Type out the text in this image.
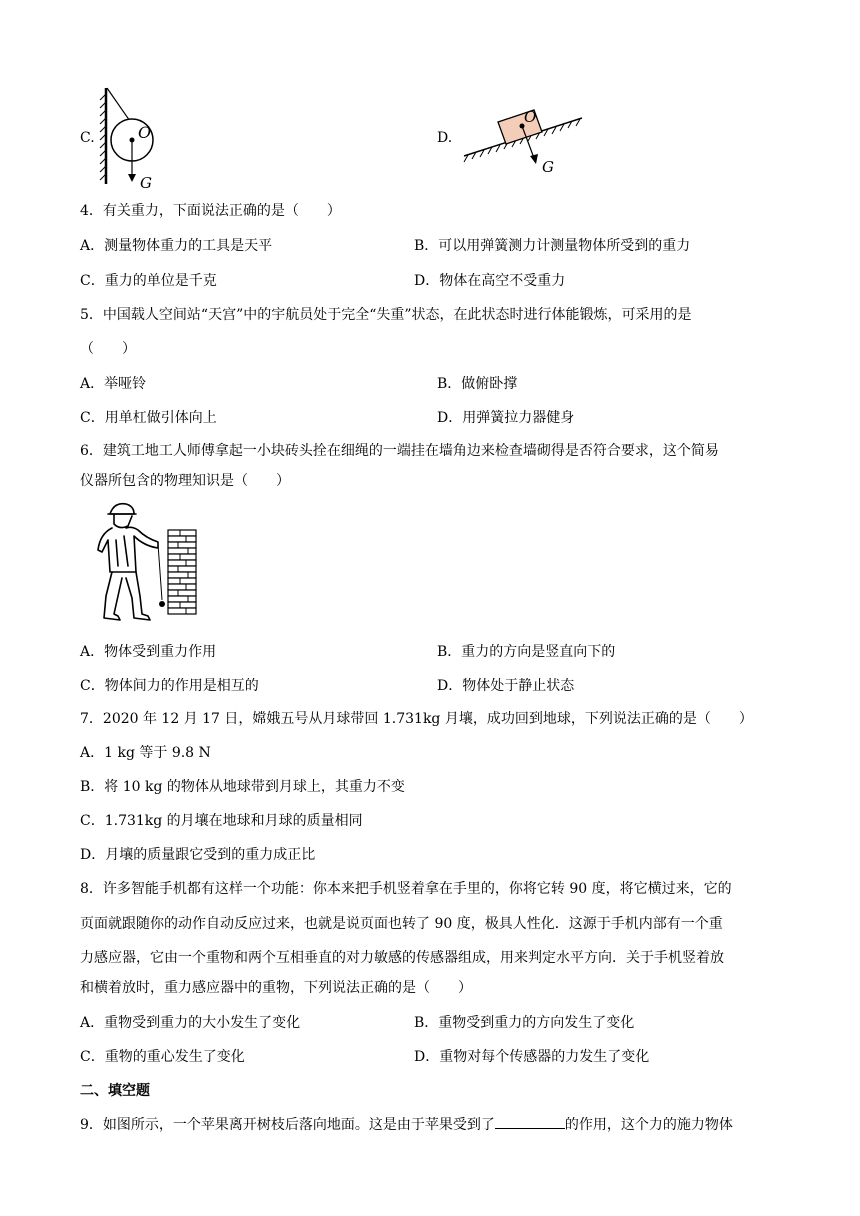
C.	O
G
D.
O
G
4．有关重力，下面说法正确的是（　　）
A．测量物体重力的工具是天平	B．可以用弹簧测力计测量物体所受到的重力
C．重力的单位是千克	D．物体在高空不受重力
5．中国载人空间站“天宫”中的宇航员处于完全“失重”状态，在此状态时进行体能锻炼，可采用的是
（　　）
A．举哑铃	B．做俯卧撑
C．用单杠做引体向上	D．用弹簧拉力器健身
6．建筑工地工人师傅拿起一小块砖头拴在细绳的一端挂在墙角边来检查墙砌得是否符合要求，这个简易
仪器所包含的物理知识是（　　）
A．物体受到重力作用	B．重力的方向是竖直向下的
C．物体间力的作用是相互的	D．物体处于静止状态
7．2020 年 12 月 17 日，嫦娥五号从月球带回 1.731kg 月壤，成功回到地球，下列说法正确的是（　　）
A．1 kg 等于 9.8 N
B．将 10 kg 的物体从地球带到月球上，其重力不变
C．1.731kg 的月壤在地球和月球的质量相同
D．月壤的质量跟它受到的重力成正比
8．许多智能手机都有这样一个功能：你本来把手机竖着拿在手里的，你将它转 90 度，将它横过来，它的
页面就跟随你的动作自动反应过来，也就是说页面也转了 90 度，极具人性化．这源于手机内部有一个重
力感应器，它由一个重物和两个互相垂直的对力敏感的传感器组成，用来判定水平方向．关于手机竖着放
和横着放时，重力感应器中的重物，下列说法正确的是（　　）
A．重物受到重力的大小发生了变化	B．重物受到重力的方向发生了变化
C．重物的重心发生了变化	D．重物对每个传感器的力发生了变化
二、填空题
9．如图所示，一个苹果离开树枝后落向地面。这是由于苹果受到了	的作用，这个力的施力物体
